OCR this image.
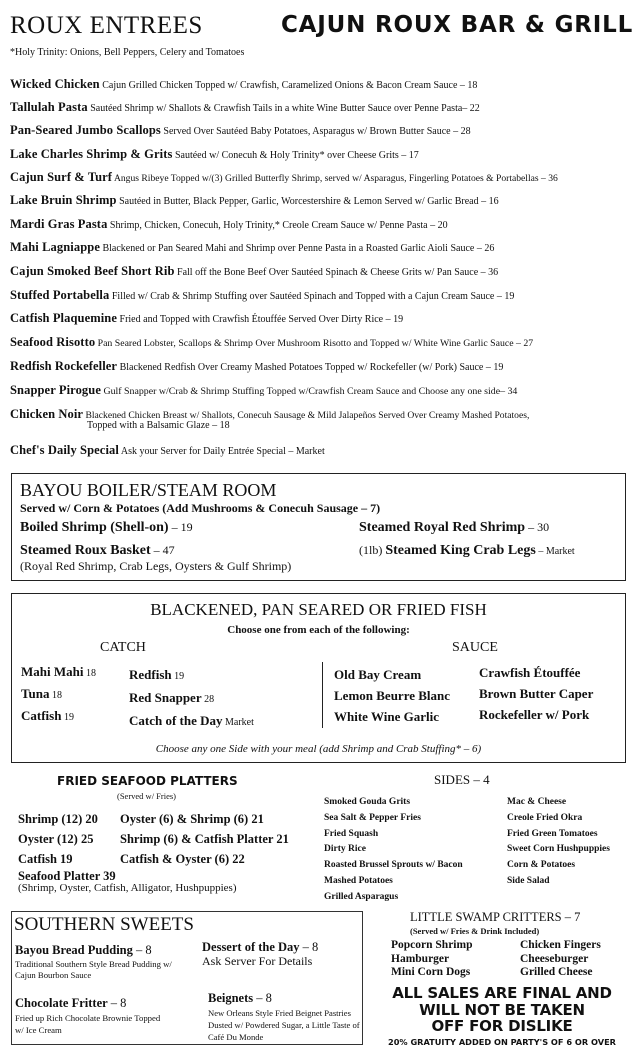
ROUX ENTREES	CAJUN ROUX BAR & GRILL
*Holy Trinity: Onions, Bell Peppers, Celery and Tomatoes
Wicked Chicken Cajun Grilled Chicken Topped w/ Crawfish, Caramelized Onions & Bacon Cream Sauce – 18
Tallulah Pasta Sautéed Shrimp w/ Shallots & Crawfish Tails in a white Wine Butter Sauce over Penne Pasta– 22
Pan-Seared Jumbo Scallops Served Over Sautéed Baby Potatoes, Asparagus w/ Brown Butter Sauce – 28
Lake Charles Shrimp & Grits Sautéed w/ Conecuh & Holy Trinity* over Cheese Grits – 17
Cajun Surf & Turf Angus Ribeye Topped w/(3) Grilled Butterfly Shrimp, served w/ Asparagus, Fingerling Potatoes & Portabellas – 36
Lake Bruin Shrimp Sautéed in Butter, Black Pepper, Garlic, Worcestershire & Lemon Served w/ Garlic Bread – 16
Mardi Gras Pasta Shrimp, Chicken, Conecuh, Holy Trinity,* Creole Cream Sauce w/ Penne Pasta – 20
Mahi Lagniappe Blackened or Pan Seared Mahi and Shrimp over Penne Pasta in a Roasted Garlic Aioli Sauce – 26
Cajun Smoked Beef Short Rib Fall off the Bone Beef Over Sautéed Spinach & Cheese Grits w/ Pan Sauce – 36
Stuffed Portabella Filled w/ Crab & Shrimp Stuffing over Sautéed Spinach and Topped with a Cajun Cream Sauce – 19
Catfish Plaquemine Fried and Topped with Crawfish Étouffée Served Over Dirty Rice – 19
Seafood Risotto Pan Seared Lobster, Scallops & Shrimp Over Mushroom Risotto and Topped w/ White Wine Garlic Sauce – 27
Redfish Rockefeller Blackened Redfish Over Creamy Mashed Potatoes Topped w/ Rockefeller (w/ Pork) Sauce – 19
Snapper Pirogue Gulf Snapper w/Crab & Shrimp Stuffing Topped w/Crawfish Cream Sauce and Choose any one side– 34
Chicken Noir Blackened Chicken Breast w/ Shallots, Conecuh Sausage & Mild Jalapeños Served Over Creamy Mashed Potatoes,
Topped with a Balsamic Glaze – 18
Chef's Daily Special Ask your Server for Daily Entrée Special – Market
BAYOU BOILER/STEAM ROOM
Served w/ Corn & Potatoes (Add Mushrooms & Conecuh Sausage – 7)
Boiled Shrimp (Shell-on) – 19
Steamed Roux Basket – 47
(Royal Red Shrimp, Crab Legs, Oysters & Gulf Shrimp)
Steamed Royal Red Shrimp – 30
(1lb) Steamed King Crab Legs – Market
BLACKENED, PAN SEARED OR FRIED FISH
Choose one from each of the following:
CATCH	SAUCE
Mahi Mahi 18
Tuna 18
Catfish 19
Redfish 19
Red Snapper 28
Catch of the Day Market
Old Bay Cream
Lemon Beurre Blanc
White Wine Garlic
Crawfish Étouffée
Brown Butter Caper
Rockefeller w/ Pork
Choose any one Side with your meal (add Shrimp and Crab Stuffing* – 6)
FRIED SEAFOOD PLATTERS
(Served w/ Fries)
Shrimp (12) 20
Oyster (12) 25
Catfish 19
Oyster (6) & Shrimp (6) 21
Shrimp (6) & Catfish Platter 21
Catfish & Oyster (6) 22
Seafood Platter 39
(Shrimp, Oyster, Catfish, Alligator, Hushpuppies)
SIDES – 4
Smoked Gouda Grits
Sea Salt & Pepper Fries
Fried Squash
Dirty Rice
Roasted Brussel Sprouts w/ Bacon
Mashed Potatoes
Grilled Asparagus
Mac & Cheese
Creole Fried Okra
Fried Green Tomatoes
Sweet Corn Hushpuppies
Corn & Potatoes
Side Salad
SOUTHERN SWEETS
Bayou Bread Pudding – 8
Traditional Southern Style Bread Pudding w/ Cajun Bourbon Sauce
Dessert of the Day – 8
Ask Server For Details
Chocolate Fritter – 8
Fried up Rich Chocolate Brownie Topped w/ Ice Cream
Beignets – 8
New Orleans Style Fried Beignet Pastries Dusted w/ Powdered Sugar, a Little Taste of Café Du Monde
LITTLE SWAMP CRITTERS – 7
(Served w/ Fries & Drink Included)
Popcorn Shrimp
Hamburger
Mini Corn Dogs
Chicken Fingers
Cheeseburger
Grilled Cheese
ALL SALES ARE FINAL AND
WILL NOT BE TAKEN
OFF FOR DISLIKE
20% GRATUITY ADDED ON PARTY'S OF 6 OR OVER
